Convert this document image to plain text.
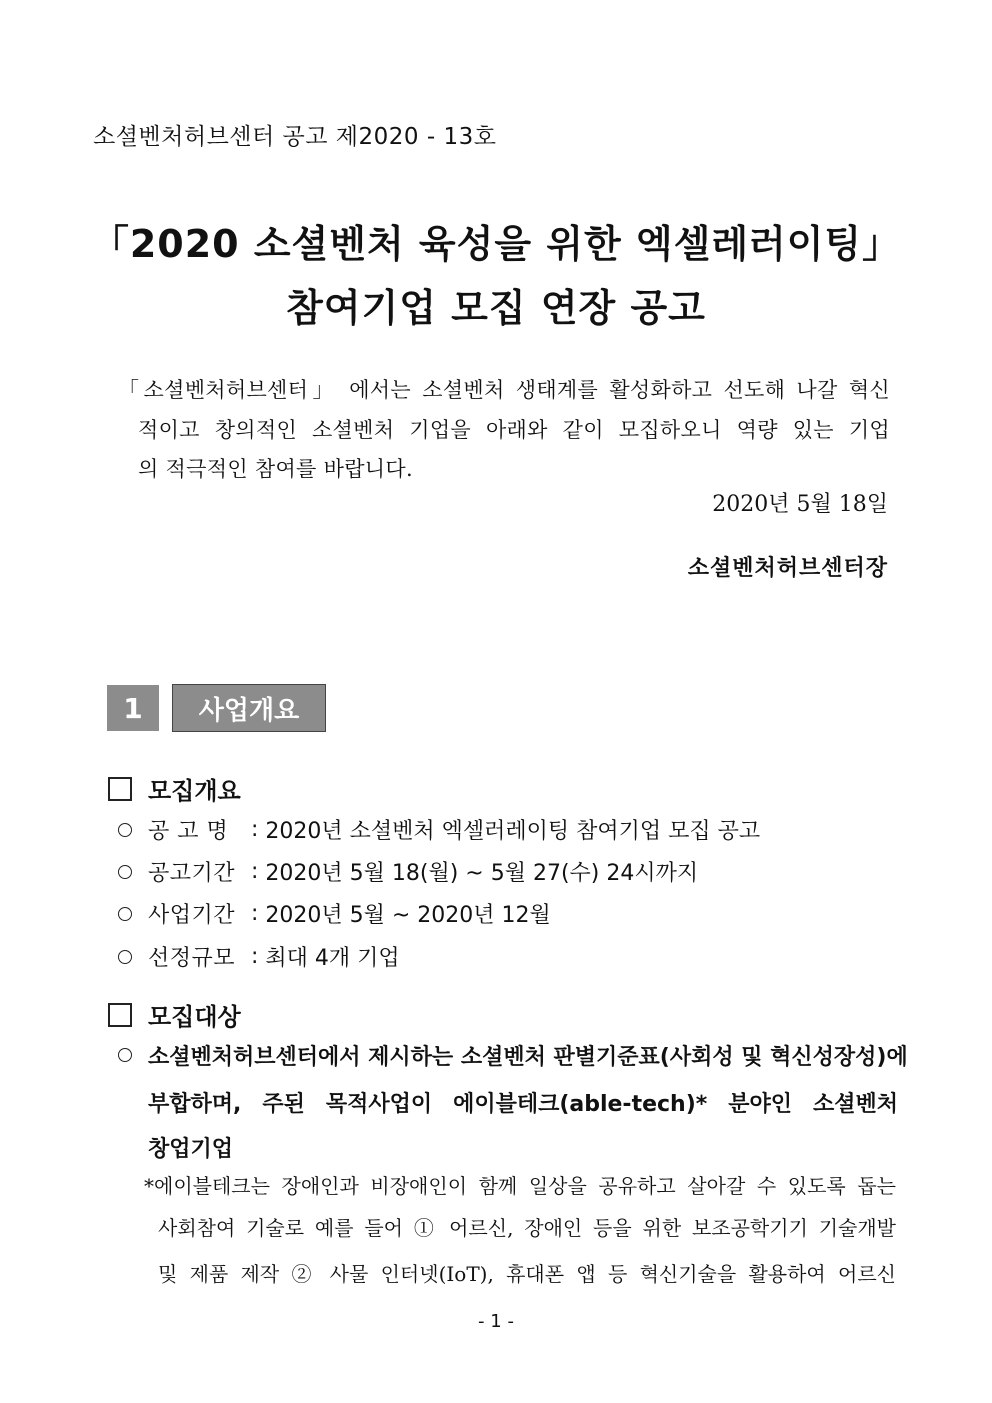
소셜벤처허브센터 공고 제2020 - 13호
「2020 소셜벤처 육성을 위한 엑셀레러이팅」
참여기업 모집 연장 공고
「소셜벤처허브센터」 에서는 소셜벤처 생태계를 활성화하고 선도해 나갈 혁신
적이고 창의적인 소셜벤처 기업을 아래와 같이 모집하오니 역량 있는 기업
의 적극적인 참여를 바랍니다.
2020년 5월 18일
소셜벤처허브센터장
1	사업개요
모집개요
공 고 명 : 2020년 소셜벤처 엑셀러레이팅 참여기업 모집 공고
공고기간 : 2020년 5월 18(월) ~ 5월 27(수) 24시까지
사업기간 : 2020년 5월 ~ 2020년 12월
선정규모 : 최대 4개 기업
모집대상
소셜벤처허브센터에서 제시하는 소셜벤처 판별기준표(사회성 및 혁신성장성)에
부합하며, 주된 목적사업이 에이블테크(able-tech)* 분야인 소셜벤처
창업기업
*에이블테크는 장애인과 비장애인이 함께 일상을 공유하고 살아갈 수 있도록 돕는
사회참여 기술로 예를 들어 ① 어르신, 장애인 등을 위한 보조공학기기 기술개발
및 제품 제작 ② 사물 인터넷(IoT), 휴대폰 앱 등 혁신기술을 활용하여 어르신
- 1 -
